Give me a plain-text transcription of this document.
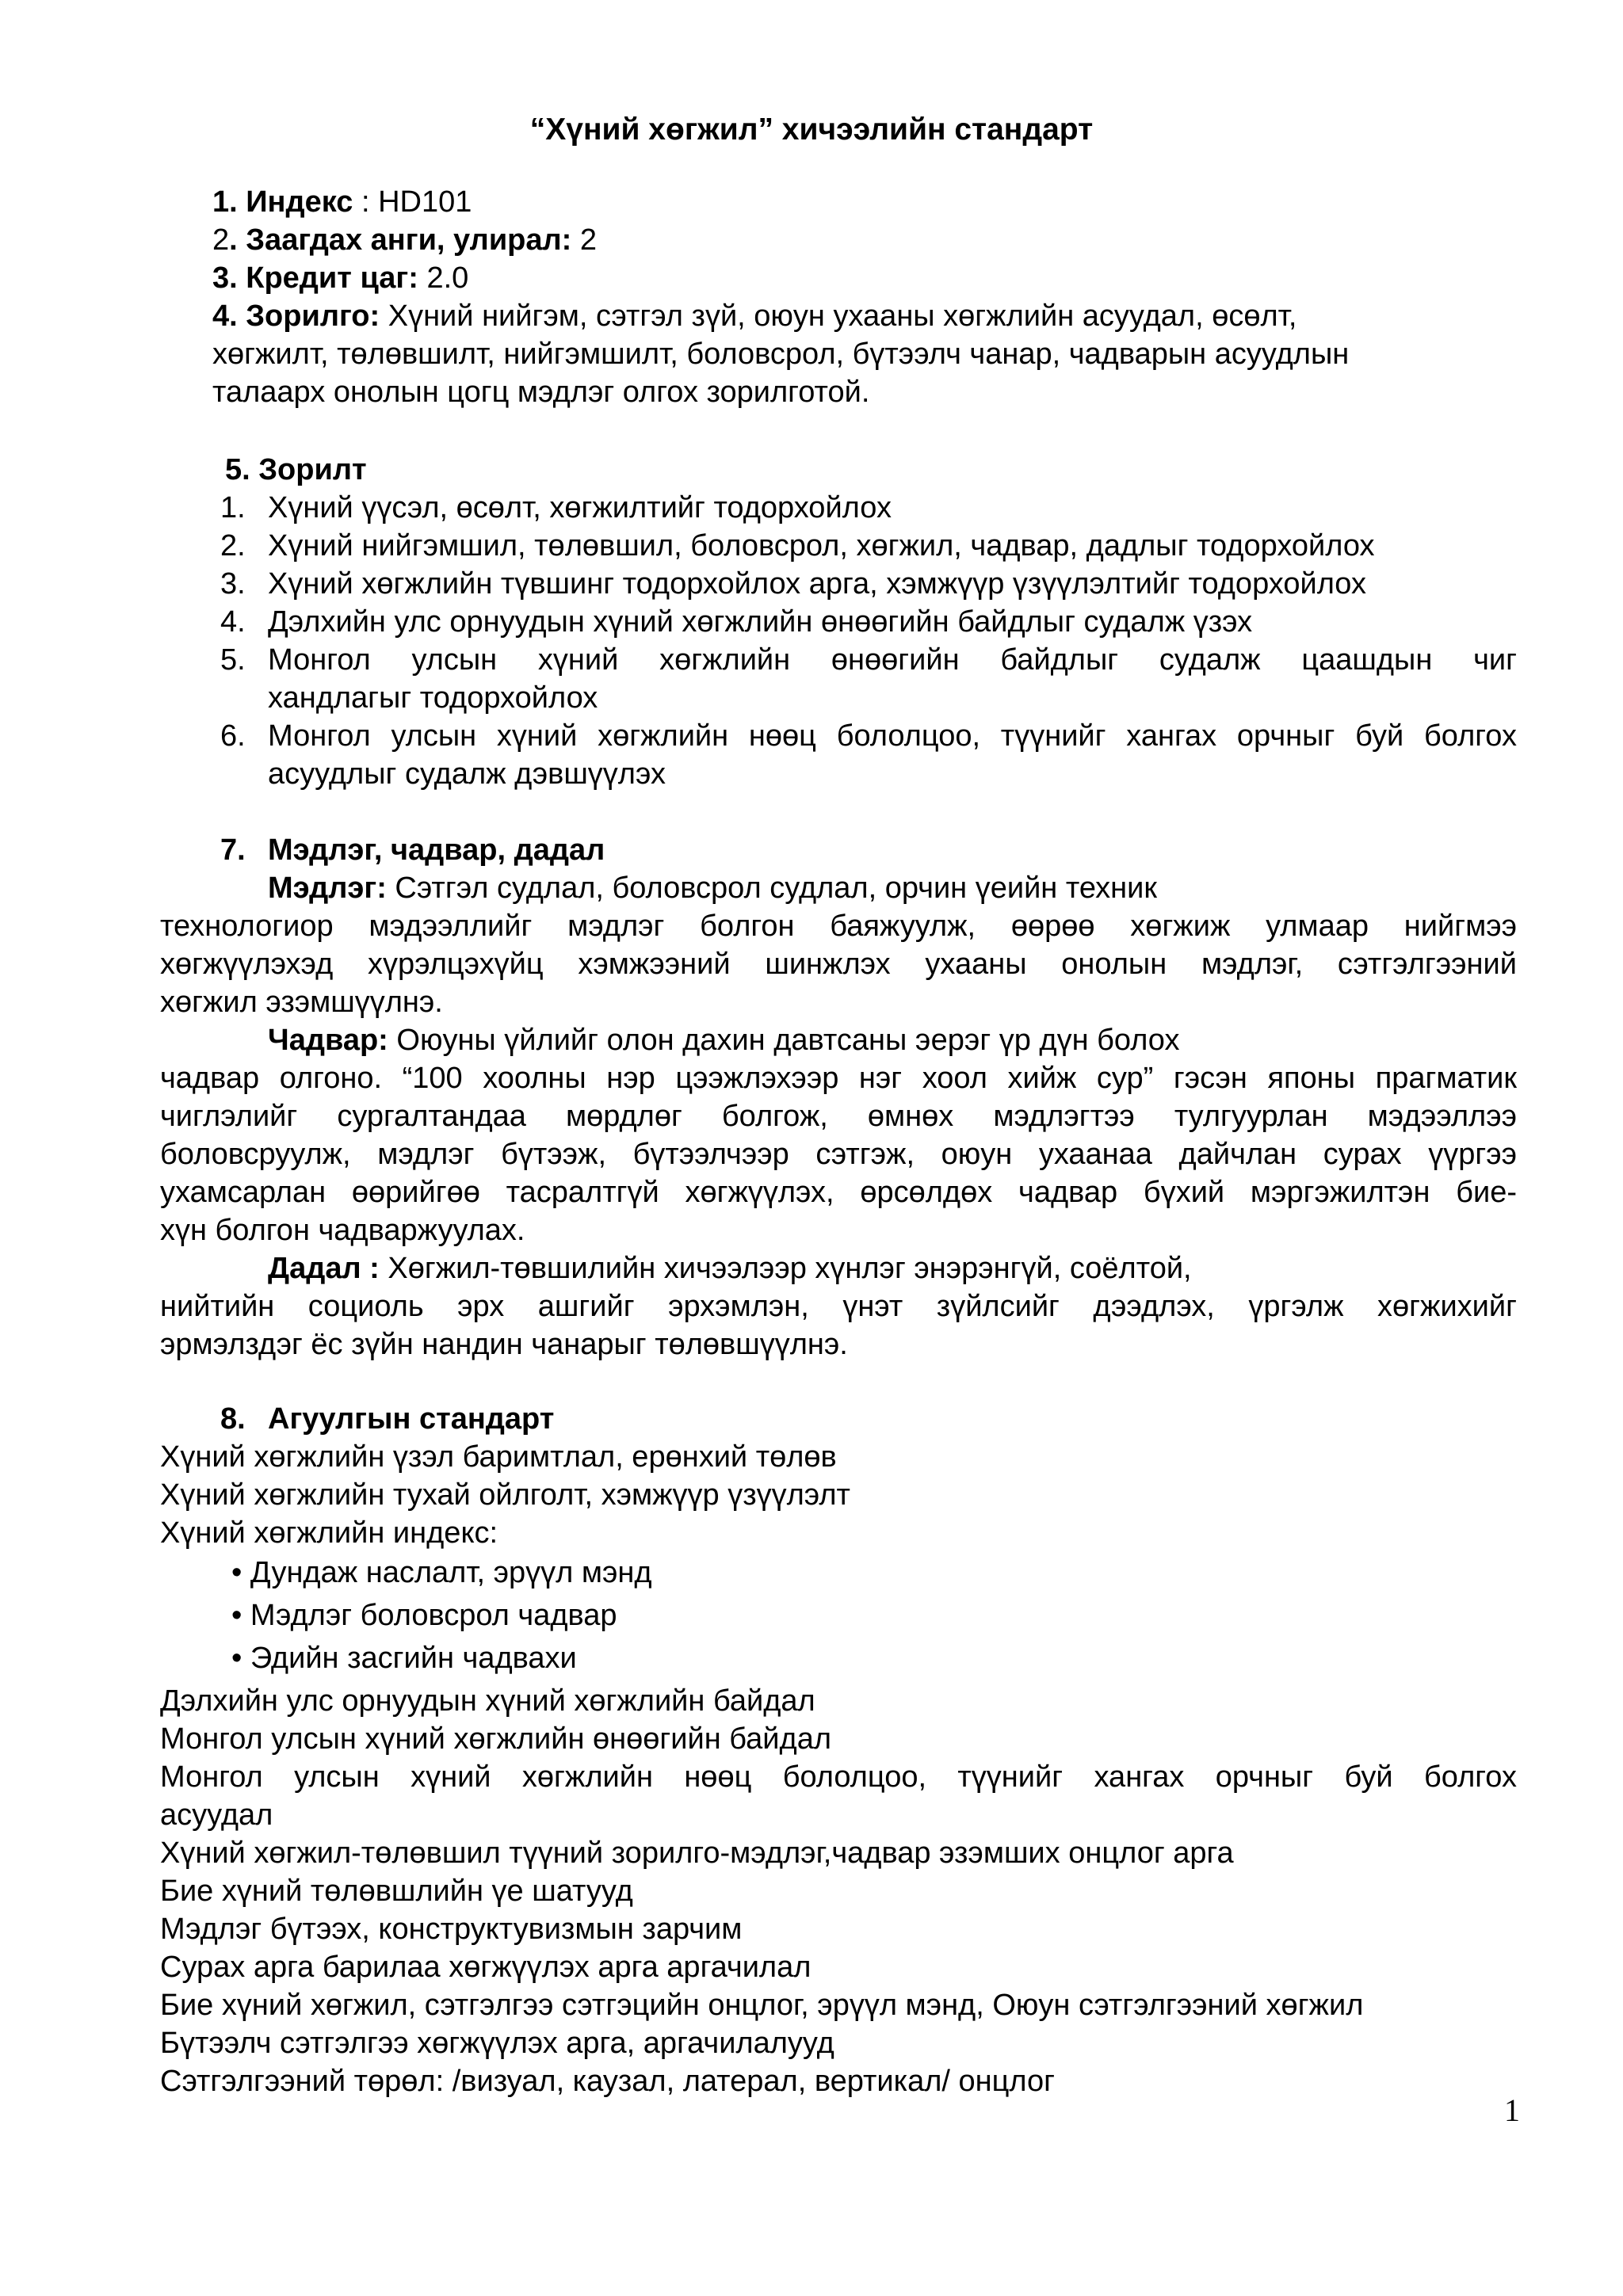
“Хүний хөгжил” хичээлийн стандарт
1. Индекс : HD101
2. Заагдах анги, улирал: 2
3. Кредит цаг: 2.0
4. Зорилго: Хүний нийгэм, сэтгэл зүй, оюун ухааны хөгжлийн асуудал, өсөлт,
хөгжилт, төлөвшилт, нийгэмшилт, боловсрол, бүтээлч чанар, чадварын асуудлын
талаарх онолын цогц мэдлэг олгох зорилготой.
5. Зорилт
1. Хүний үүсэл, өсөлт, хөгжилтийг тодорхойлох
2. Хүний нийгэмшил, төлөвшил, боловсрол, хөгжил, чадвар, дадлыг тодорхойлох
3. Хүний хөгжлийн түвшинг тодорхойлох арга, хэмжүүр үзүүлэлтийг тодорхойлох
4. Дэлхийн улс орнуудын хүний хөгжлийн өнөөгийн байдлыг судалж үзэх
5. Монгол улсын хүний хөгжлийн өнөөгийн байдлыг судалж цаашдын чиг
хандлагыг тодорхойлох
6. Монгол улсын хүний хөгжлийн нөөц бололцоо, түүнийг хангах орчныг буй болгох
асуудлыг судалж дэвшүүлэх
7. Мэдлэг, чадвар, дадал
Мэдлэг: Сэтгэл судлал, боловсрол судлал, орчин үеийн техник
технологиор мэдээллийг мэдлэг болгон баяжуулж, өөрөө хөгжиж улмаар нийгмээ
хөгжүүлэхэд хүрэлцэхүйц хэмжээний шинжлэх ухааны онолын мэдлэг, сэтгэлгээний
хөгжил эзэмшүүлнэ.
Чадвар: Оюуны үйлийг олон дахин давтсаны эерэг үр дүн болох
чадвар олгоно. “100 хоолны нэр цээжлэхээр нэг хоол хийж сур” гэсэн японы прагматик
чиглэлийг сургалтандаа мөрдлөг болгож, өмнөх мэдлэгтээ тулгуурлан мэдээллээ
боловсруулж, мэдлэг бүтээж, бүтээлчээр сэтгэж, оюун ухаанаа дайчлан сурах үүргээ
ухамсарлан өөрийгөө тасралтгүй хөгжүүлэх, өрсөлдөх чадвар бүхий мэргэжилтэн бие-
хүн болгон чадваржуулах.
Дадал : Хөгжил-төвшилийн хичээлээр хүнлэг энэрэнгүй, соёлтой,
нийтийн социоль эрх ашгийг эрхэмлэн, үнэт зүйлсийг дээдлэх, үргэлж хөгжихийг
эрмэлздэг ёс зүйн нандин чанарыг төлөвшүүлнэ.
8. Агуулгын стандарт
Хүний хөгжлийн үзэл баримтлал, ерөнхий төлөв
Хүний хөгжлийн тухай ойлголт, хэмжүүр үзүүлэлт
Хүний хөгжлийн индекс:
• Дундаж наслалт, эрүүл мэнд
• Мэдлэг боловсрол чадвар
• Эдийн засгийн чадвахи
Дэлхийн улс орнуудын хүний хөгжлийн байдал
Монгол улсын хүний хөгжлийн өнөөгийн байдал
Монгол улсын хүний хөгжлийн нөөц бололцоо, түүнийг хангах орчныг буй болгох
асуудал
Хүний хөгжил-төлөвшил түүний зорилго-мэдлэг,чадвар эзэмших онцлог арга
Бие хүний төлөвшлийн үе шатууд
Мэдлэг бүтээх, конструктувизмын зарчим
Сурах арга барилаа хөгжүүлэх арга аргачилал
Бие хүний хөгжил, сэтгэлгээ сэтгэцийн онцлог, эрүүл мэнд, Оюун сэтгэлгээний хөгжил
Бүтээлч сэтгэлгээ хөгжүүлэх арга, аргачилалууд
Сэтгэлгээний төрөл: /визуал, каузал, латерал, вертикал/ онцлог
1
